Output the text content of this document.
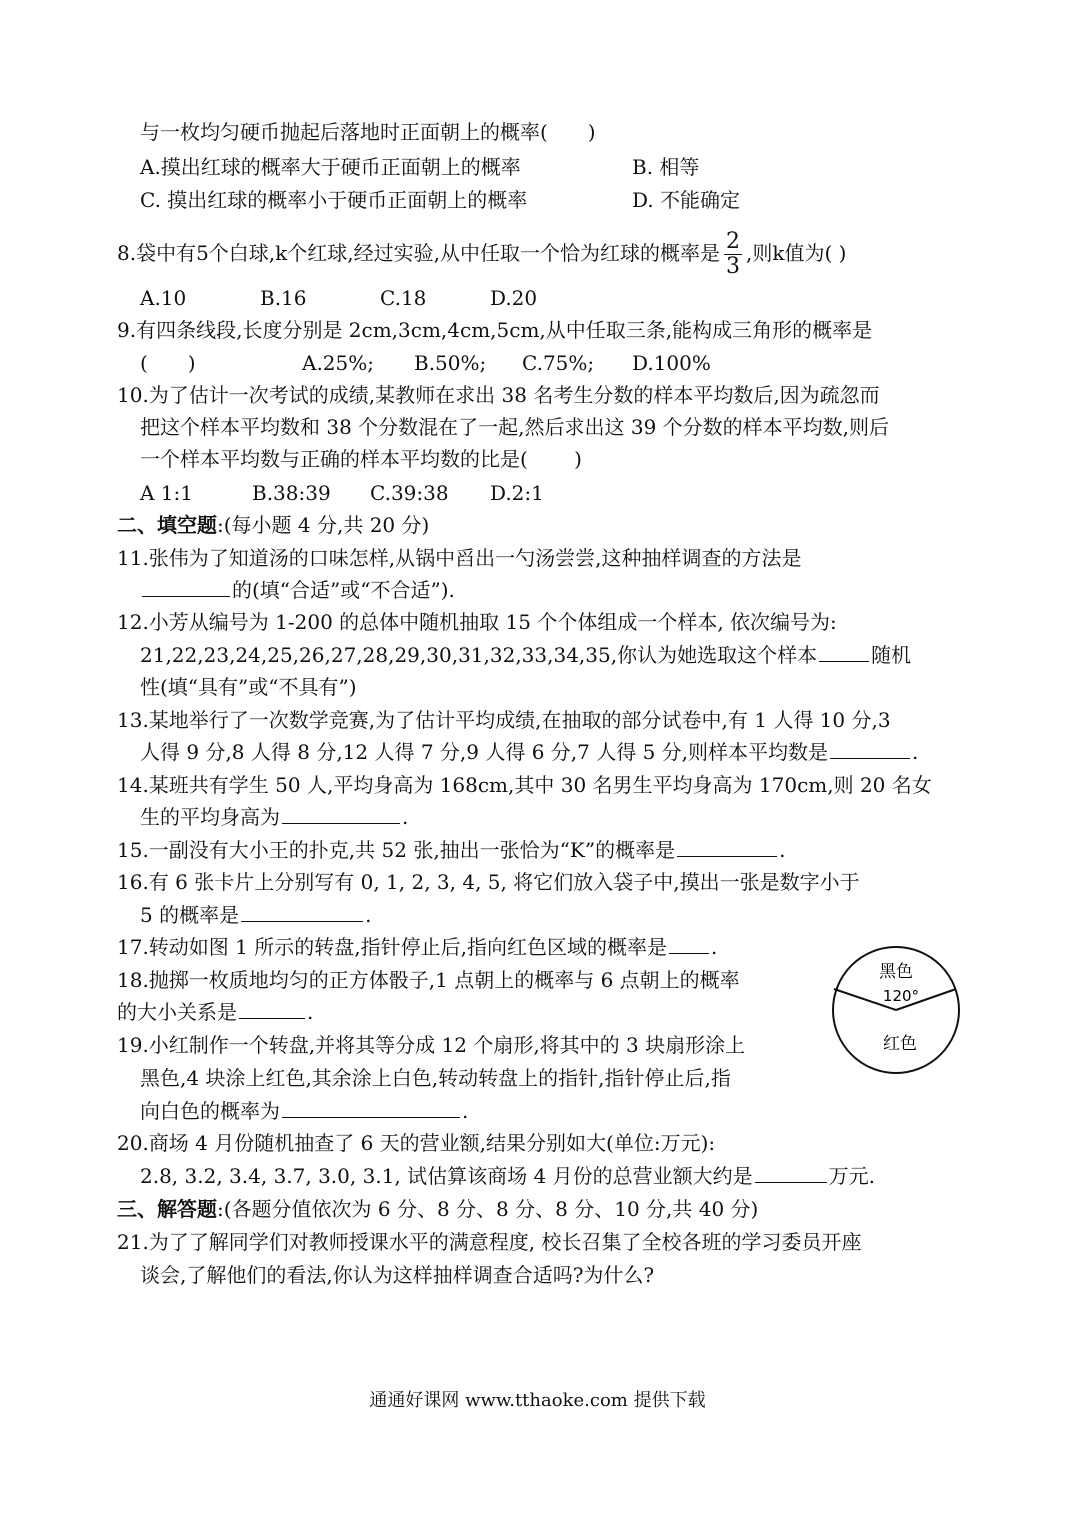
与一枚均匀硬币抛起后落地时正面朝上的概率(　　)
A.摸出红球的概率大于硬币正面朝上的概率	B. 相等
C. 摸出红球的概率小于硬币正面朝上的概率	D. 不能确定
8.袋中有5个白球,k个红球,经过实验,从中任取一个恰为红球的概率是 $\frac{2}{3}$ ,则k值为( )
A.10	B.16	C.18	D.20
9.有四条线段,长度分别是 2cm,3cm,4cm,5cm,从中任取三条,能构成三角形的概率是
(　　)	A.25%; B.50%; C.75%; D.100%
10.为了估计一次考试的成绩,某教师在求出 38 名考生分数的样本平均数后,因为疏忽而
把这个样本平均数和 38 个分数混在了一起,然后求出这 39 个分数的样本平均数,则后
一个样本平均数与正确的样本平均数的比是(　　 )
A 1:1	B.38:39 C.39:38 D.2:1
二、填空题:(每小题 4 分,共 20 分)
11.张伟为了知道汤的口味怎样,从锅中舀出一勺汤尝尝,这种抽样调查的方法是
的(填“合适”或“不合适”).
12.小芳从编号为 1-200 的总体中随机抽取 15 个个体组成一个样本, 依次编号为:
21,22,23,24,25,26,27,28,29,30,31,32,33,34,35,你认为她选取这个样本	随机
性(填“具有”或“不具有”)
13.某地举行了一次数学竞赛,为了估计平均成绩,在抽取的部分试卷中,有 1 人得 10 分,3
人得 9 分,8 人得 8 分,12 人得 7 分,9 人得 6 分,7 人得 5 分,则样本平均数是	.
14.某班共有学生 50 人,平均身高为 168cm,其中 30 名男生平均身高为 170cm,则 20 名女
生的平均身高为	.
15.一副没有大小王的扑克,共 52 张,抽出一张恰为“K”的概率是	.
16.有 6 张卡片上分别写有 0, 1, 2, 3, 4, 5, 将它们放入袋子中,摸出一张是数字小于
5 的概率是	.
17.转动如图 1 所示的转盘,指针停止后,指向红色区域的概率是 .
18.抛掷一枚质地均匀的正方体骰子,1 点朝上的概率与 6 点朝上的概率
的大小关系是	.
19.小红制作一个转盘,并将其等分成 12 个扇形,将其中的 3 块扇形涂上
黑色,4 块涂上红色,其余涂上白色,转动转盘上的指针,指针停止后,指
向白色的概率为	.
20.商场 4 月份随机抽查了 6 天的营业额,结果分别如大(单位:万元):
2.8, 3.2, 3.4, 3.7, 3.0, 3.1, 试估算该商场 4 月份的总营业额大约是	万元.
三、解答题:(各题分值依次为 6 分、8 分、8 分、8 分、10 分,共 40 分)
21.为了了解同学们对教师授课水平的满意程度, 校长召集了全校各班的学习委员开座
谈会,了解他们的看法,你认为这样抽样调查合适吗?为什么?
黑色
120°
红色
通通好课网 www.tthaoke.com 提供下载
